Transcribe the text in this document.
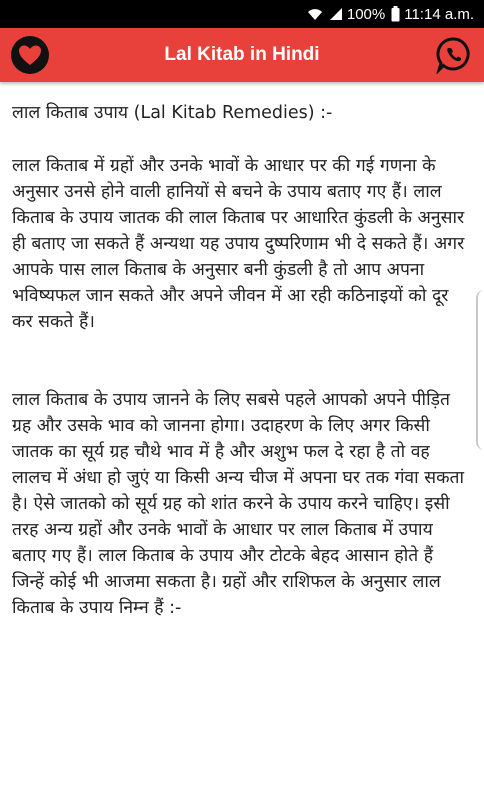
100% 11:14 a.m.
Lal Kitab in Hindi

लाल किताब उपाय (Lal Kitab Remedies) :-

लाल किताब में ग्रहों और उनके भावों के आधार पर की गई गणना के अनुसार उनसे होने वाली हानियों से बचने के उपाय बताए गए हैं। लाल किताब के उपाय जातक की लाल किताब पर आधारित कुंडली के अनुसार ही बताए जा सकते हैं अन्यथा यह उपाय दुष्परिणाम भी दे सकते हैं। अगर आपके पास लाल किताब के अनुसार बनी कुंडली है तो आप अपना भविष्यफल जान सकते और अपने जीवन में आ रही कठिनाइयों को दूर कर सकते हैं।

लाल किताब के उपाय जानने के लिए सबसे पहले आपको अपने पीड़ित ग्रह और उसके भाव को जानना होगा। उदाहरण के लिए अगर किसी जातक का सूर्य ग्रह चौथे भाव में है और अशुभ फल दे रहा है तो वह लालच में अंधा हो जुएं या किसी अन्य चीज में अपना घर तक गंवा सकता है। ऐसे जातको को सूर्य ग्रह को शांत करने के उपाय करने चाहिए। इसी तरह अन्य ग्रहों और उनके भावों के आधार पर लाल किताब में उपाय बताए गए हैं। लाल किताब के उपाय और टोटके बेहद आसान होते हैं जिन्हें कोई भी आजमा सकता है। ग्रहों और राशिफल के अनुसार लाल किताब के उपाय निम्न हैं :-
